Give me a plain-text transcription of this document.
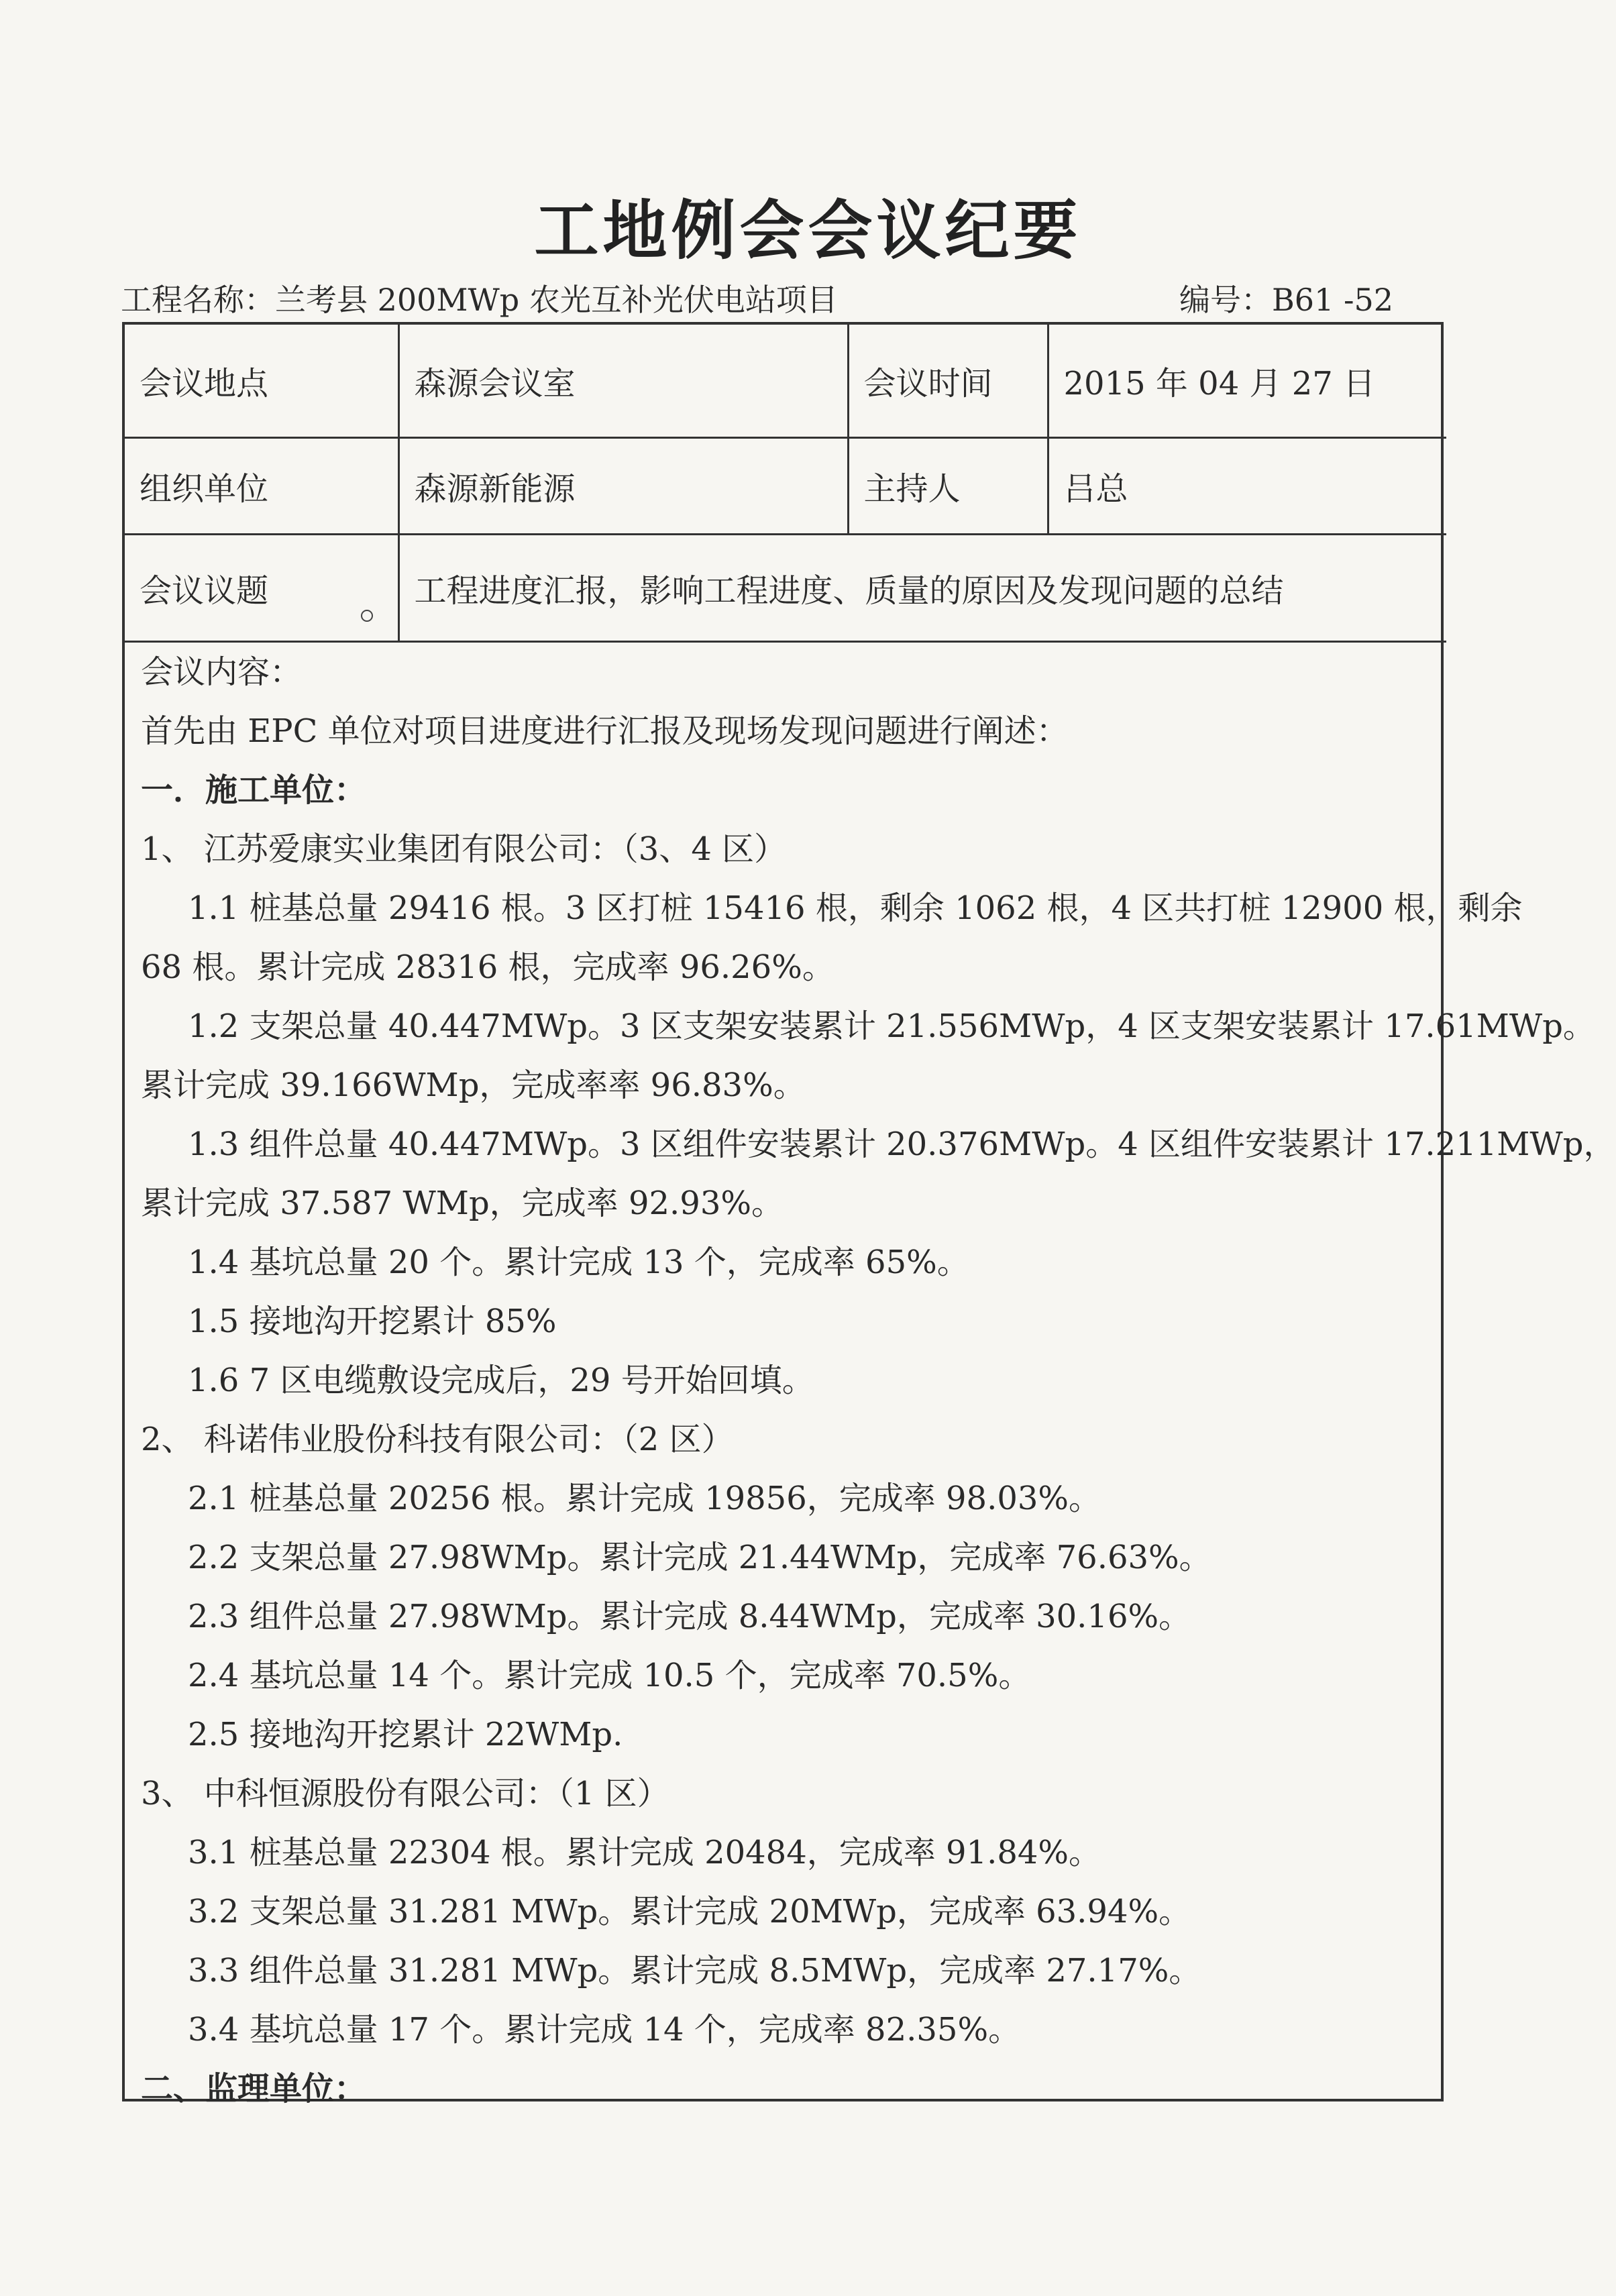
工地例会会议纪要
工程名称：兰考县 200MWp 农光互补光伏电站项目	编号：B61 -52
会议地点	森源会议室	会议时间	2015 年 04 月 27 日
组织单位	森源新能源	主持人	吕总
会议议题	工程进度汇报，影响工程进度、质量的原因及发现问题的总结		
会议内容：
首先由 EPC 单位对项目进度进行汇报及现场发现问题进行阐述：
一．施工单位：
1、 江苏爱康实业集团有限公司：（3、4 区）
1.1 桩基总量 29416 根。3 区打桩 15416 根，剩余 1062 根，4 区共打桩 12900 根，剩余
68 根。累计完成 28316 根，完成率 96.26%。
1.2 支架总量 40.447MWp。3 区支架安装累计 21.556MWp，4 区支架安装累计 17.61MWp。
累计完成 39.166WMp，完成率率 96.83%。
1.3 组件总量 40.447MWp。3 区组件安装累计 20.376MWp。4 区组件安装累计 17.211MWp，
累计完成 37.587 WMp，完成率 92.93%。
1.4 基坑总量 20 个。累计完成 13 个，完成率 65%。
1.5 接地沟开挖累计 85%
1.6 7 区电缆敷设完成后，29 号开始回填。
2、 科诺伟业股份科技有限公司：（2 区）
2.1 桩基总量 20256 根。累计完成 19856，完成率 98.03%。
2.2 支架总量 27.98WMp。累计完成 21.44WMp，完成率 76.63%。
2.3 组件总量 27.98WMp。累计完成 8.44WMp，完成率 30.16%。
2.4 基坑总量 14 个。累计完成 10.5 个，完成率 70.5%。
2.5 接地沟开挖累计 22WMp.
3、 中科恒源股份有限公司：（1 区）
3.1 桩基总量 22304 根。累计完成 20484，完成率 91.84%。
3.2 支架总量 31.281 MWp。累计完成 20MWp，完成率 63.94%。
3.3 组件总量 31.281 MWp。累计完成 8.5MWp，完成率 27.17%。
3.4 基坑总量 17 个。累计完成 14 个，完成率 82.35%。
二、监理单位：
